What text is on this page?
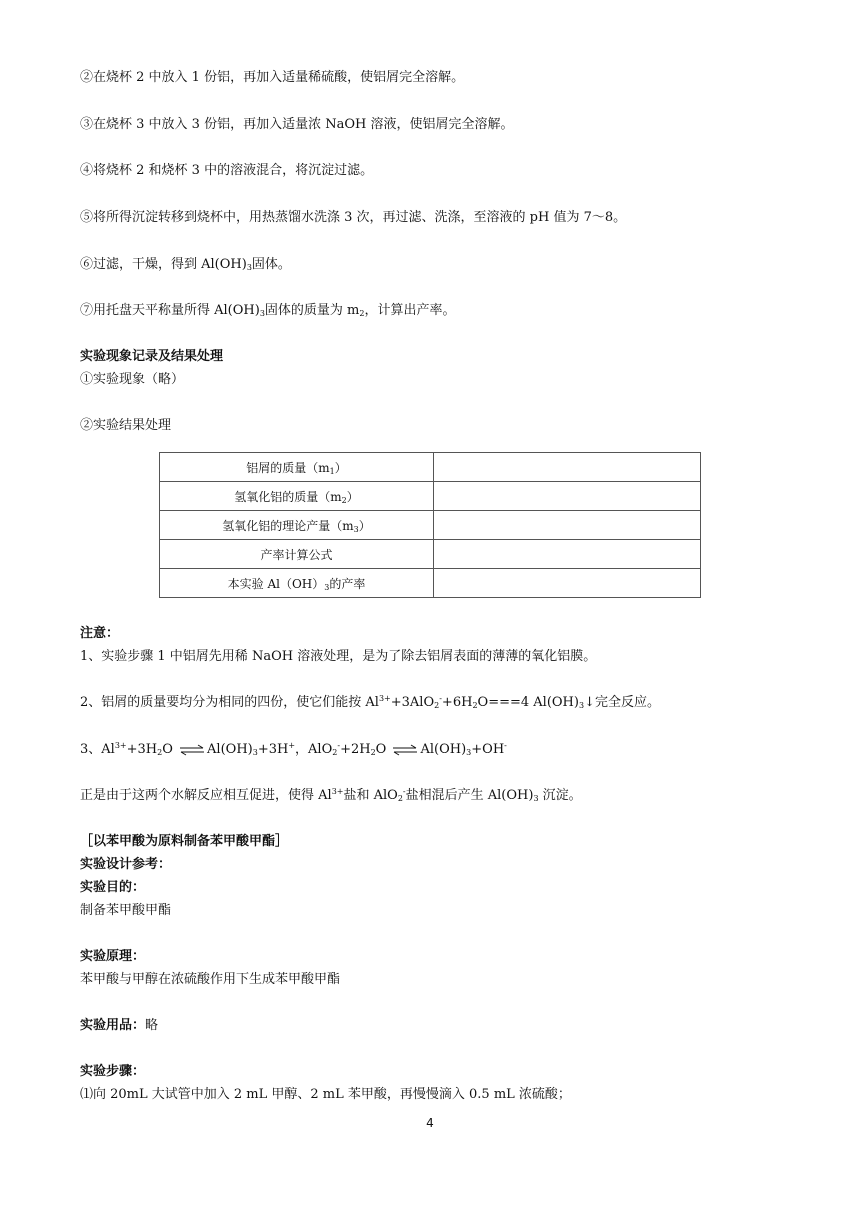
②在烧杯 2 中放入 1 份铝，再加入适量稀硫酸，使铝屑完全溶解。
③在烧杯 3 中放入 3 份铝，再加入适量浓 NaOH 溶液，使铝屑完全溶解。
④将烧杯 2 和烧杯 3 中的溶液混合，将沉淀过滤。
⑤将所得沉淀转移到烧杯中，用热蒸馏水洗涤 3 次，再过滤、洗涤，至溶液的 pH 值为 7～8。
⑥过滤，干燥，得到 $Al(OH)_3$固体。
⑦用托盘天平称量所得 $Al(OH)_3$固体的质量为 $m_2$，计算出产率。
实验现象记录及结果处理
①实验现象（略）
②实验结果处理
铝屑的质量$(m_1)$	
氢氧化铝的质量$(m_2)$	
氢氧化铝的理论产量$(m_3)$	
产率计算公式	
本实验 $Al(OH)_3$的产率	
注意：
1、实验步骤 1 中铝屑先用稀 NaOH 溶液处理，是为了除去铝屑表面的薄薄的氧化铝膜。
2、铝屑的质量要均分为相同的四份，使它们能按 $Al^{3+}+3AlO_2^-+6H_2O===4$ $Al(OH)_3↓$完全反应。
3、$Al^{3+}+3H_2O$ ⇌ $Al(OH)_3+3H^+$，$AlO_2^-+2H_2O$ ⇌ $Al(OH)_3+OH^-$
正是由于这两个水解反应相互促进，使得 $Al^{3+}$盐和 AlO$_2$-盐相混后产生 $Al(OH)_3$ 沉淀。
［以苯甲酸为原料制备苯甲酸甲酯］
实验设计参考：
实验目的：
制备苯甲酸甲酯
实验原理：
苯甲酸与甲醇在浓硫酸作用下生成苯甲酸甲酯
实验用品：略
实验步骤：
⑴向 20mL 大试管中加入 2 mL 甲醇、2 mL 苯甲酸，再慢慢滴入 0.5 mL 浓硫酸；
4
